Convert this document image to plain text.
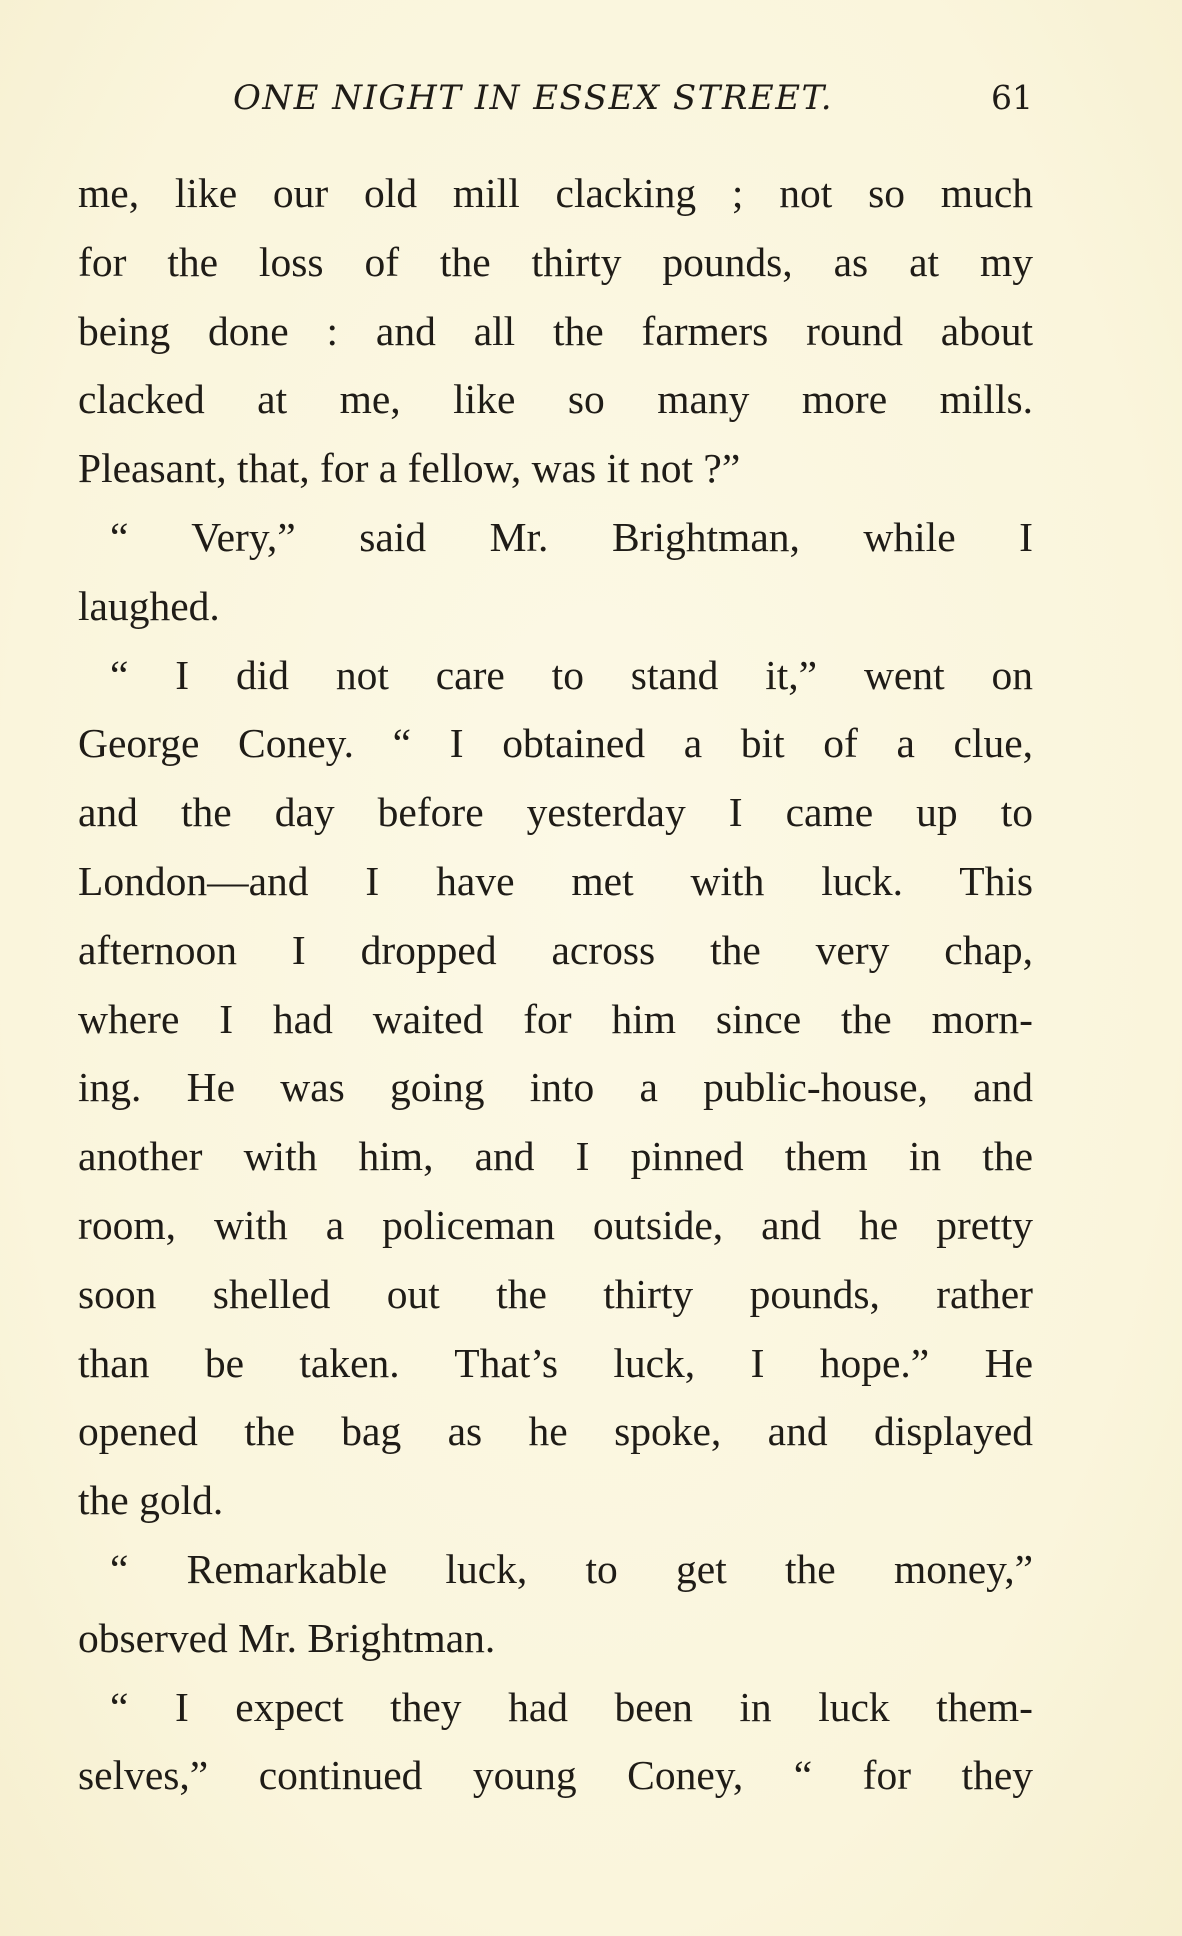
ONE NIGHT IN ESSEX STREET.	61
me, like our old mill clacking ; not so much
for the loss of the thirty pounds, as at my
being done : and all the farmers round about
clacked at me, like so many more mills.
Pleasant, that, for a fellow, was it not ?”
“ Very,” said Mr. Brightman, while I
laughed.
“ I did not care to stand it,” went on
George Coney. “ I obtained a bit of a clue,
and the day before yesterday I came up to
London—and I have met with luck. This
afternoon I dropped across the very chap,
where I had waited for him since the morn-
ing. He was going into a public-house, and
another with him, and I pinned them in the
room, with a policeman outside, and he pretty
soon shelled out the thirty pounds, rather
than be taken. That’s luck, I hope.” He
opened the bag as he spoke, and displayed
the gold.
“ Remarkable luck, to get the money,”
observed Mr. Brightman.
“ I expect they had been in luck them-
selves,” continued young Coney, “ for they
